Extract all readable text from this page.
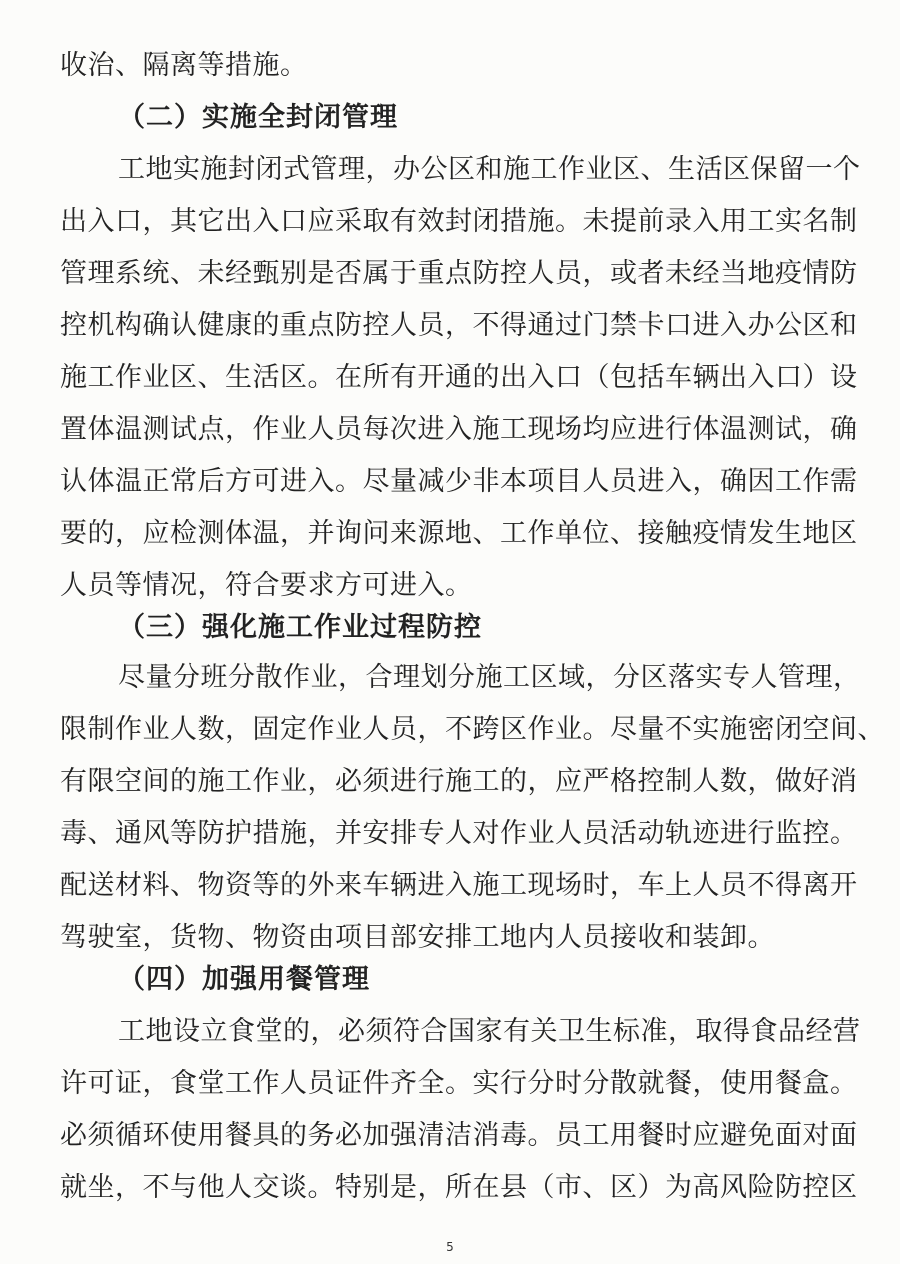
收治、隔离等措施。
（二）实施全封闭管理
工地实施封闭式管理，办公区和施工作业区、生活区保留一个
出入口，其它出入口应采取有效封闭措施。未提前录入用工实名制
管理系统、未经甄别是否属于重点防控人员，或者未经当地疫情防
控机构确认健康的重点防控人员，不得通过门禁卡口进入办公区和
施工作业区、生活区。在所有开通的出入口（包括车辆出入口）设
置体温测试点，作业人员每次进入施工现场均应进行体温测试，确
认体温正常后方可进入。尽量减少非本项目人员进入，确因工作需
要的，应检测体温，并询问来源地、工作单位、接触疫情发生地区
人员等情况，符合要求方可进入。
（三）强化施工作业过程防控
尽量分班分散作业，合理划分施工区域，分区落实专人管理，
限制作业人数，固定作业人员，不跨区作业。尽量不实施密闭空间、
有限空间的施工作业，必须进行施工的，应严格控制人数，做好消
毒、通风等防护措施，并安排专人对作业人员活动轨迹进行监控。
配送材料、物资等的外来车辆进入施工现场时，车上人员不得离开
驾驶室，货物、物资由项目部安排工地内人员接收和装卸。
（四）加强用餐管理
工地设立食堂的，必须符合国家有关卫生标准，取得食品经营
许可证，食堂工作人员证件齐全。实行分时分散就餐，使用餐盒。
必须循环使用餐具的务必加强清洁消毒。员工用餐时应避免面对面
就坐，不与他人交谈。特别是，所在县（市、区）为高风险防控区
5
